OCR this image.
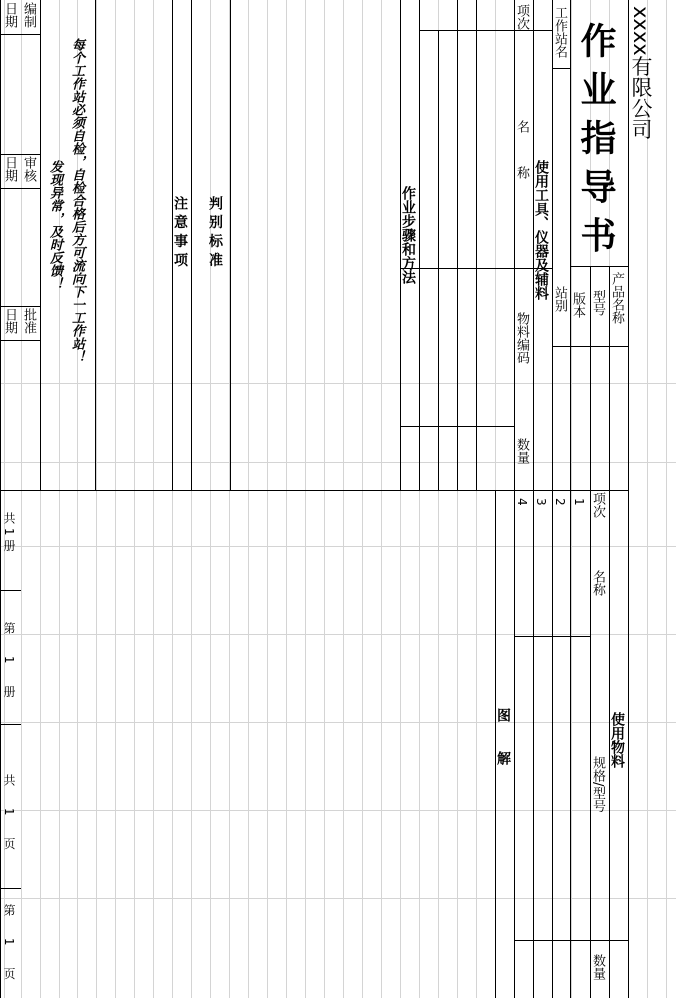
xxxx有限公司
作 业 指 导 书
工作站名
产品名称
型号
版本
站别
使用工具、仪器及辅料
项次
名        称
物料编码
数量
作业步骤和方法
判 别 标 准
注 意 事 项
每个工作站必须自检，自检合格后方可流向下一工作站！
发现异常，及时反馈！
编制
日期
审核
日期
批准
日期
使用物料
项次
名称
规格/型号
数量
1
2
3
4
图      解
共 1 册
第 1 册
共 1 页
第 1 页
